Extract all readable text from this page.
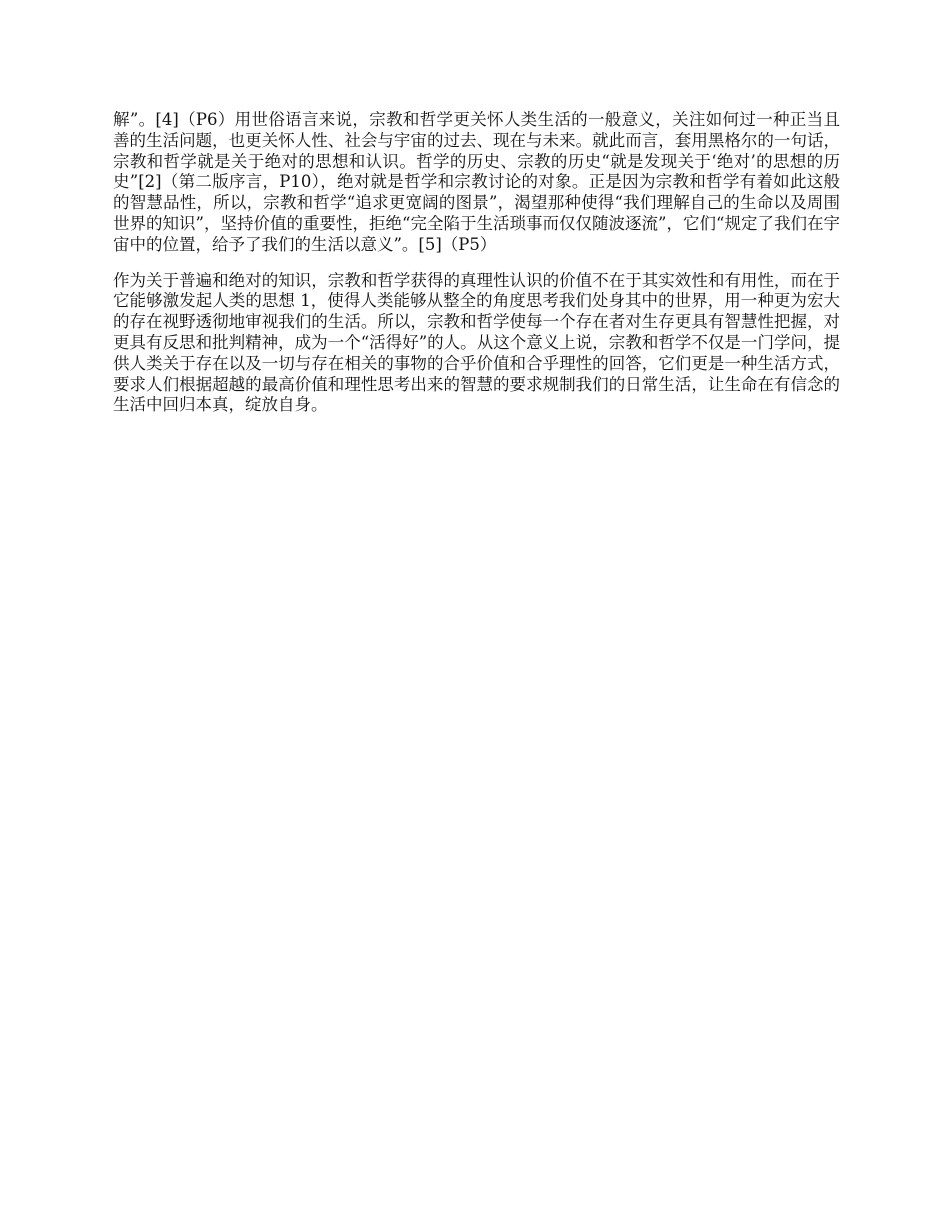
解”。[4]（P6）用世俗语言来说，宗教和哲学更关怀人类生活的一般意义，关注如何过一种正当且善的生活问题，也更关怀人性、社会与宇宙的过去、现在与未来。就此而言，套用黑格尔的一句话，宗教和哲学就是关于绝对的思想和认识。哲学的历史、宗教的历史“就是发现关于‘绝对’的思想的历史”[2]（第二版序言，P10），绝对就是哲学和宗教讨论的对象。正是因为宗教和哲学有着如此这般的智慧品性，所以，宗教和哲学“追求更宽阔的图景”，渴望那种使得“我们理解自己的生命以及周围世界的知识”，坚持价值的重要性，拒绝“完全陷于生活琐事而仅仅随波逐流”，它们“规定了我们在宇宙中的位置，给予了我们的生活以意义”。[5]（P5）

作为关于普遍和绝对的知识，宗教和哲学获得的真理性认识的价值不在于其实效性和有用性，而在于它能够激发起人类的思想 1，使得人类能够从整全的角度思考我们处身其中的世界，用一种更为宏大的存在视野透彻地审视我们的生活。所以，宗教和哲学使每一个存在者对生存更具有智慧性把握，对更具有反思和批判精神，成为一个“活得好”的人。从这个意义上说，宗教和哲学不仅是一门学问，提供人类关于存在以及一切与存在相关的事物的合乎价值和合乎理性的回答，它们更是一种生活方式，要求人们根据超越的最高价值和理性思考出来的智慧的要求规制我们的日常生活，让生命在有信念的生活中回归本真，绽放自身。
